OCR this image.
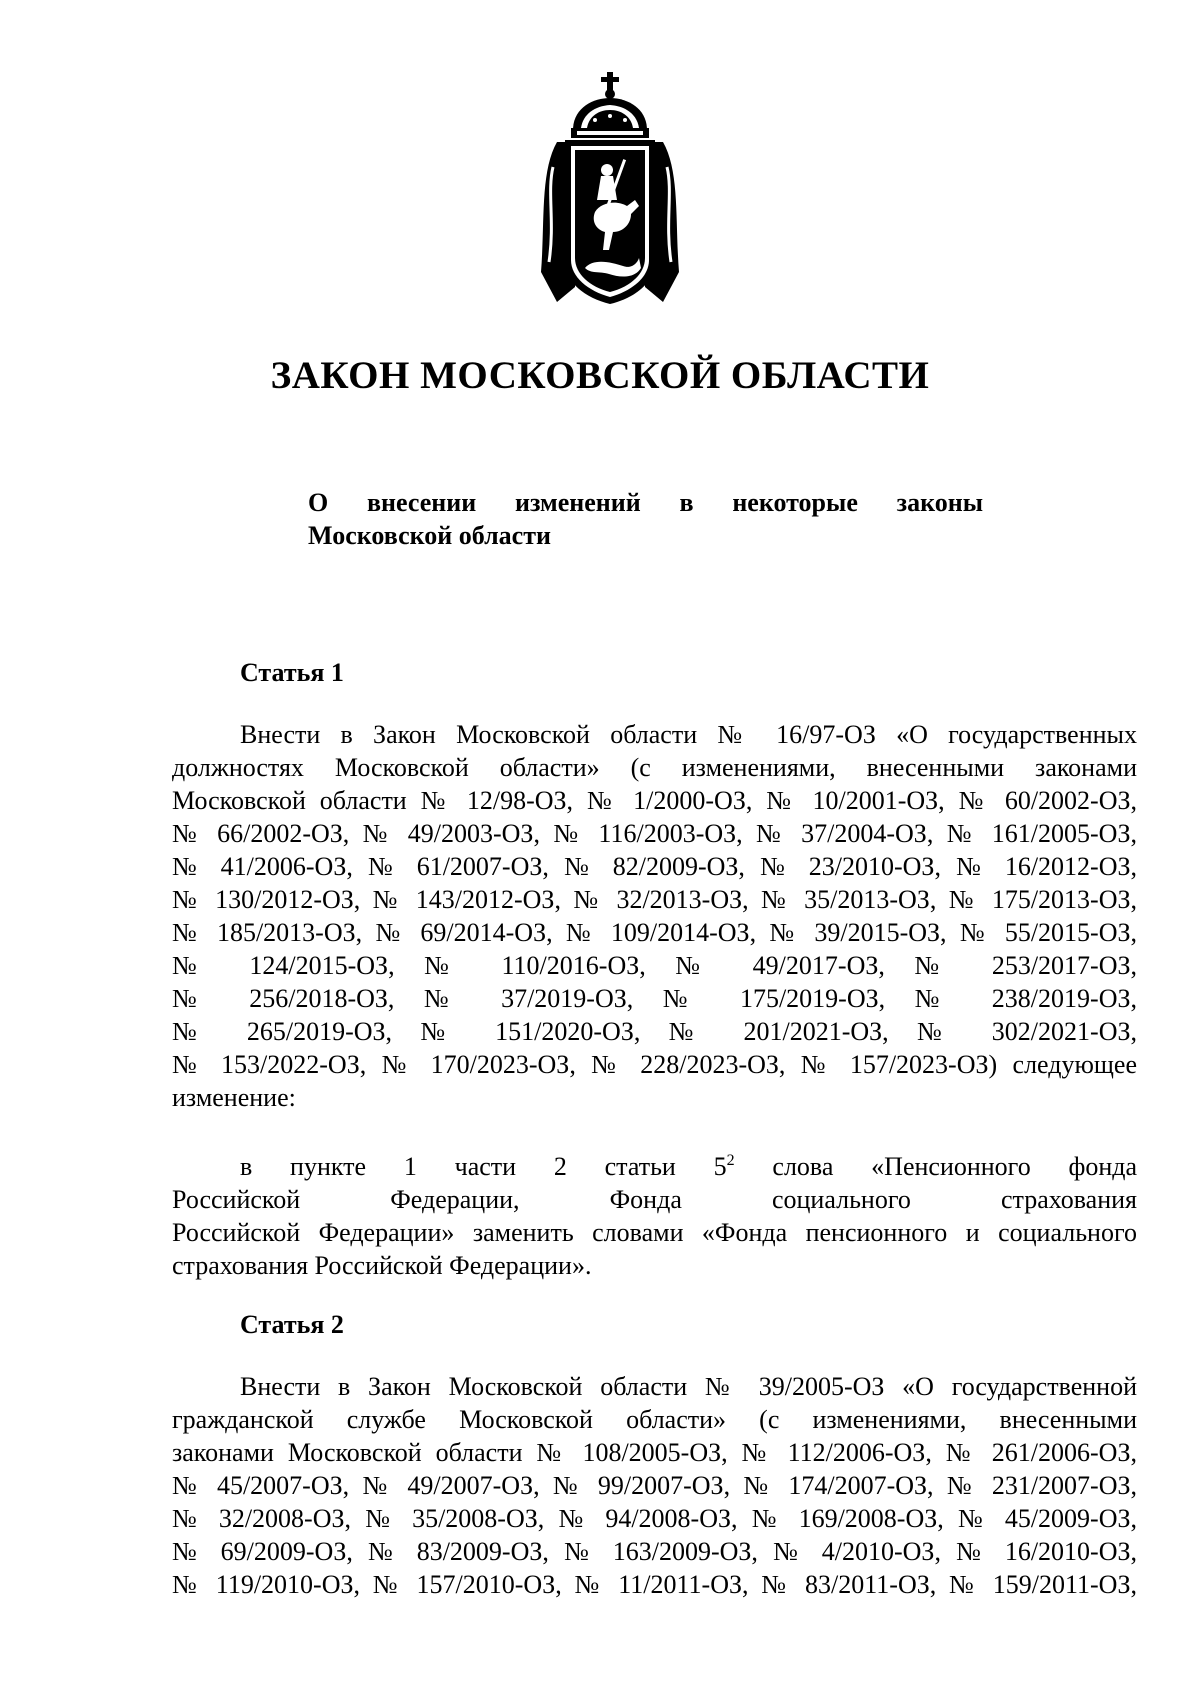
ЗАКОН МОСКОВСКОЙ ОБЛАСТИ
О внесении изменений в некоторые законы
Московской области
Статья 1

Внести в Закон Московской области № 16/97-ОЗ «О государственных
должностях Московской области» (с изменениями, внесенными законами
Московской области № 12/98-ОЗ, № 1/2000-ОЗ, № 10/2001-ОЗ, № 60/2002-ОЗ,
№ 66/2002-ОЗ, № 49/2003-ОЗ, № 116/2003-ОЗ, № 37/2004-ОЗ, № 161/2005-ОЗ,
№ 41/2006-ОЗ, № 61/2007-ОЗ, № 82/2009-ОЗ, № 23/2010-ОЗ, № 16/2012-ОЗ,
№ 130/2012-ОЗ, № 143/2012-ОЗ, № 32/2013-ОЗ, № 35/2013-ОЗ, № 175/2013-ОЗ,
№ 185/2013-ОЗ, № 69/2014-ОЗ, № 109/2014-ОЗ, № 39/2015-ОЗ, № 55/2015-ОЗ,
№ 124/2015-ОЗ, № 110/2016-ОЗ, № 49/2017-ОЗ, № 253/2017-ОЗ,
№ 256/2018-ОЗ, № 37/2019-ОЗ, № 175/2019-ОЗ, № 238/2019-ОЗ,
№ 265/2019-ОЗ, № 151/2020-ОЗ, № 201/2021-ОЗ, № 302/2021-ОЗ,
№ 153/2022-ОЗ, № 170/2023-ОЗ, № 228/2023-ОЗ, № 157/2023-ОЗ) следующее
изменение:

в пункте 1 части 2 статьи $5^2$ слова «Пенсионного фонда
Российской Федерации, Фонда социального страхования
Российской Федерации» заменить словами «Фонда пенсионного и социального
страхования Российской Федерации».

Статья 2

Внести в Закон Московской области № 39/2005-ОЗ «О государственной
гражданской службе Московской области» (с изменениями, внесенными
законами Московской области № 108/2005-ОЗ, № 112/2006-ОЗ, № 261/2006-ОЗ,
№ 45/2007-ОЗ, № 49/2007-ОЗ, № 99/2007-ОЗ, № 174/2007-ОЗ, № 231/2007-ОЗ,
№ 32/2008-ОЗ, № 35/2008-ОЗ, № 94/2008-ОЗ, № 169/2008-ОЗ, № 45/2009-ОЗ,
№ 69/2009-ОЗ, № 83/2009-ОЗ, № 163/2009-ОЗ, № 4/2010-ОЗ, № 16/2010-ОЗ,
№ 119/2010-ОЗ, № 157/2010-ОЗ, № 11/2011-ОЗ, № 83/2011-ОЗ, № 159/2011-ОЗ,
